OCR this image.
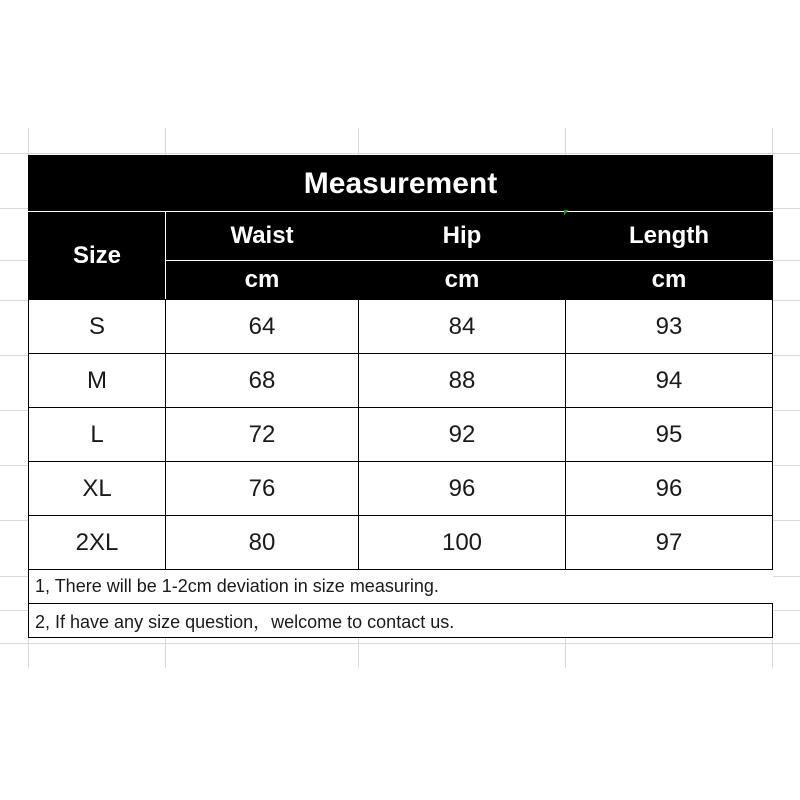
Measurement			
Size	Waist	Hip	Length
	cm	cm	cm
S	64	84	93
M	68	88	94
L	72	92	95
XL	76	96	96
2XL	80	100	97
1, There will be 1-2cm deviation in size measuring.			
2, If have any size question，welcome to contact us.			
